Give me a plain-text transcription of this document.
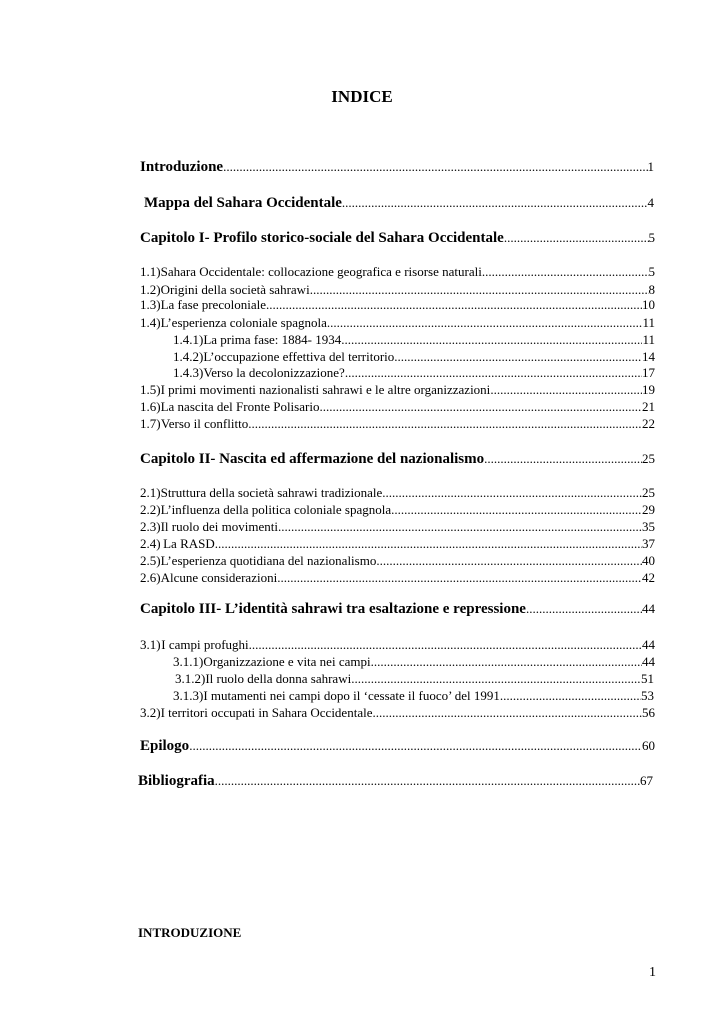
INDICE
Introduzione .....	1
Mappa del Sahara Occidentale .....	4
Capitolo I- Profilo storico-sociale del Sahara Occidentale .....	5
1.1) Sahara Occidentale: collocazione geografica e risorse naturali .....	5
1.2) Origini della società sahrawi .....	8
1.3) La fase precoloniale .....	10
1.4) L’esperienza coloniale spagnola .....	11
1.4.1) La prima fase: 1884- 1934 .....	11
1.4.2) L’occupazione effettiva del territorio .....	14
1.4.3) Verso la decolonizzazione? .....	17
1.5) I primi movimenti nazionalisti sahrawi e le altre organizzazioni .....	19
1.6) La nascita del Fronte Polisario .....	21
1.7) Verso il conflitto .....	22
Capitolo II- Nascita ed affermazione del nazionalismo .....	25
2.1) Struttura della società sahrawi tradizionale .....	25
2.2) L’influenza della politica coloniale spagnola .....	29
2.3) Il ruolo dei movimenti .....	35
2.4) La RASD .....	37
2.5) L’esperienza quotidiana del nazionalismo .....	40
2.6) Alcune considerazioni .....	42
Capitolo III- L’identità sahrawi tra esaltazione e repressione .....	44
3.1) I campi profughi .....	44
3.1.1) Organizzazione e vita nei campi .....	44
3.1.2) Il ruolo della donna sahrawi .....	51
3.1.3) I mutamenti nei campi dopo il ‘cessate il fuoco’ del 1991 .....	53
3.2) I territori occupati in Sahara Occidentale .....	56
Epilogo .....	60
Bibliografia .....	67
INTRODUZIONE
1
